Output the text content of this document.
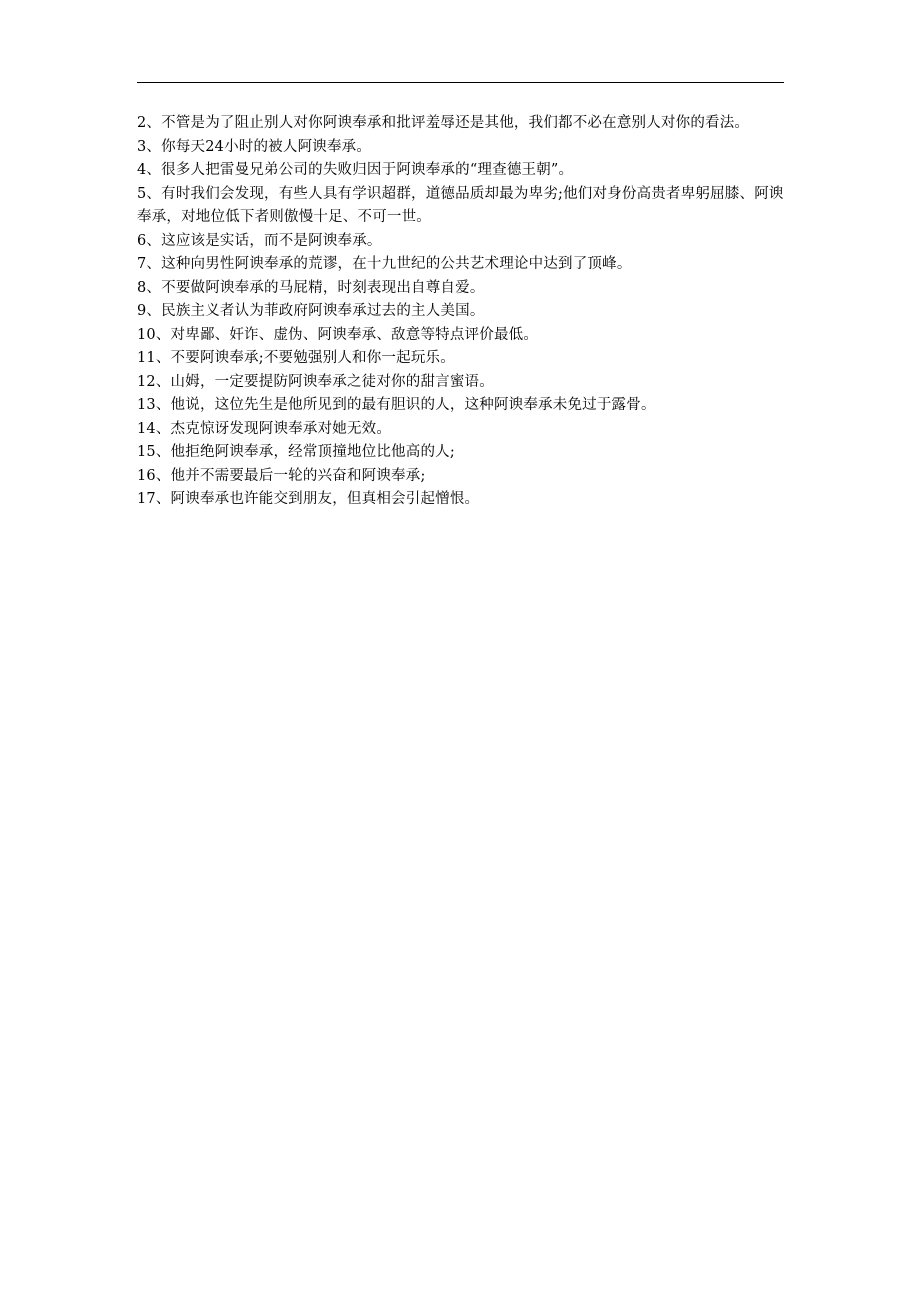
2、不管是为了阻止别人对你阿谀奉承和批评羞辱还是其他，我们都不必在意别人对你的看法。

3、你每天24小时的被人阿谀奉承。

4、很多人把雷曼兄弟公司的失败归因于阿谀奉承的“理查德王朝”。

5、有时我们会发现，有些人具有学识超群，道德品质却最为卑劣;他们对身份高贵者卑躬屈膝、阿谀奉承，对地位低下者则傲慢十足、不可一世。

6、这应该是实话，而不是阿谀奉承。

7、这种向男性阿谀奉承的荒谬，在十九世纪的公共艺术理论中达到了顶峰。

8、不要做阿谀奉承的马屁精，时刻表现出自尊自爱。

9、民族主义者认为菲政府阿谀奉承过去的主人美国。

10、对卑鄙、奸诈、虚伪、阿谀奉承、敌意等特点评价最低。

11、不要阿谀奉承;不要勉强别人和你一起玩乐。

12、山姆，一定要提防阿谀奉承之徒对你的甜言蜜语。

13、他说，这位先生是他所见到的最有胆识的人，这种阿谀奉承未免过于露骨。

14、杰克惊讶发现阿谀奉承对她无效。

15、他拒绝阿谀奉承，经常顶撞地位比他高的人;

16、他并不需要最后一轮的兴奋和阿谀奉承;

17、阿谀奉承也许能交到朋友，但真相会引起憎恨。
